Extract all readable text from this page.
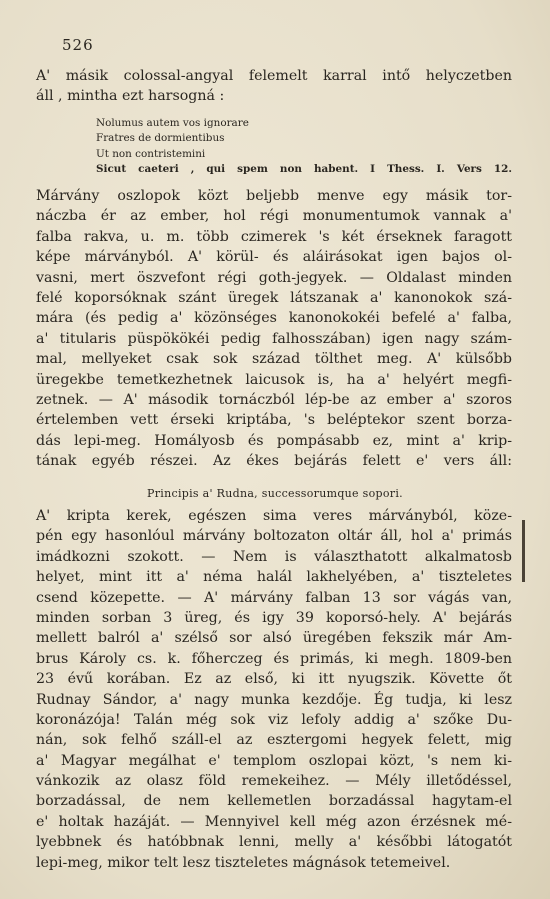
526
A' másik colossal-angyal felemelt karral intő helyczetben
áll , mintha ezt harsogná :
Nolumus autem vos ignorare
Fratres de dormientibus
Ut non contristemini
Sicut caeteri , qui spem non habent. I Thess. I. Vers 12.
Márvány oszlopok közt beljebb menve egy másik tor-
náczba ér az ember, hol régi monumentumok vannak a'
falba rakva, u. m. több czimerek 's két érseknek faragott
képe márványból. A' körül- és aláirásokat igen bajos ol-
vasni, mert öszvefont régi goth-jegyek. — Oldalast minden
felé koporsóknak szánt üregek látszanak a' kanonokok szá-
mára (és pedig a' közönséges kanonokokéi befelé a' falba,
a' titularis püspökökéi pedig falhosszában) igen nagy szám-
mal, mellyeket csak sok század tölthet meg. A' külsőbb
üregekbe temetkezhetnek laicusok is, ha a' helyért megfi-
zetnek. — A' második tornáczból lép-be az ember a' szoros
értelemben vett érseki kriptába, 's beléptekor szent borza-
dás lepi-meg. Homályosb és pompásabb ez, mint a' krip-
tának egyéb részei. Az ékes bejárás felett e' vers áll:
Principis a' Rudna, successorumque sopori.
A' kripta kerek, egészen sima veres márványból, köze-
pén egy hasonlóul márvány boltozaton oltár áll, hol a' primás
imádkozni szokott. — Nem is választhatott alkalmatosb
helyet, mint itt a' néma halál lakhelyében, a' tiszteletes
csend közepette. — A' márvány falban 13 sor vágás van,
minden sorban 3 üreg, és igy 39 koporsó-hely. A' bejárás
mellett balról a' szélső sor alsó üregében fekszik már Am-
brus Károly cs. k. főherczeg és primás, ki megh. 1809-ben
23 évű korában. Ez az első, ki itt nyugszik. Követte őt
Rudnay Sándor, a' nagy munka kezdője. Ég tudja, ki lesz
koronázója! Talán még sok viz lefoly addig a' szőke Du-
nán, sok felhő száll-el az esztergomi hegyek felett, mig
a' Magyar megálhat e' templom oszlopai közt, 's nem ki-
vánkozik az olasz föld remekeihez. — Mély illetődéssel,
borzadással, de nem kellemetlen borzadással hagytam-el
e' holtak hazáját. — Mennyivel kell még azon érzésnek mé-
lyebbnek és hatóbbnak lenni, melly a' későbbi látogatót
lepi-meg, mikor telt lesz tiszteletes mágnások tetemeivel.
